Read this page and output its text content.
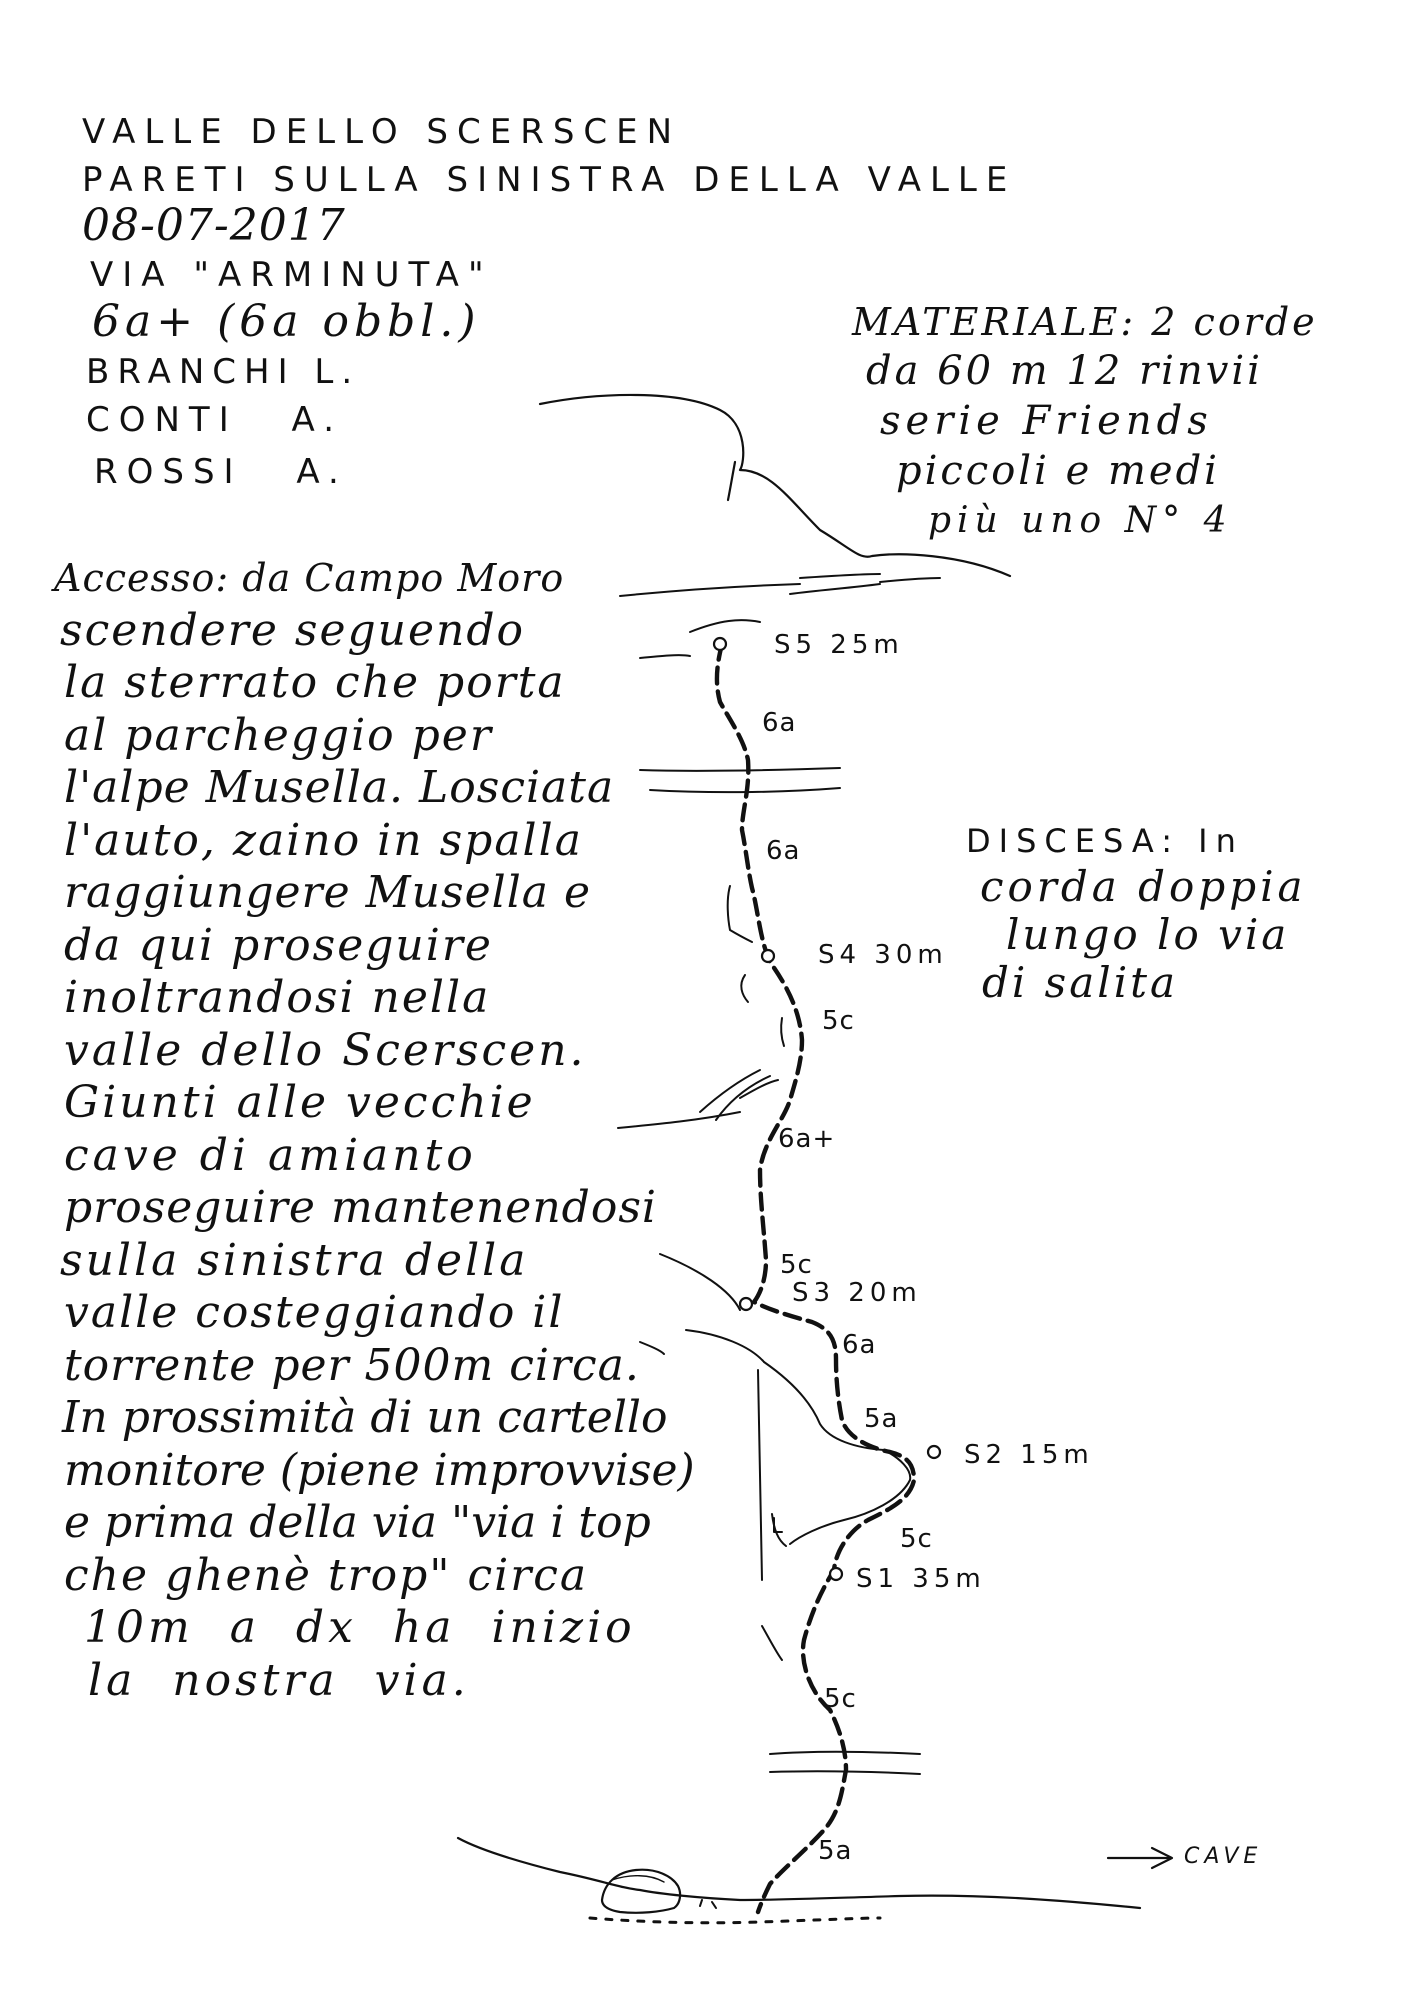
VALLE DELLO SCERSCEN
PARETI SULLA SINISTRA DELLA VALLE
08-07-2017
VIA "ARMINUTA"
6a+ (6a obbl.)
BRANCHI L.
CONTI A.
ROSSI A.
MATERIALE: 2 corde
da 60 m 12 rinvii
serie Friends
piccoli e medi
più uno N° 4
Accesso: da Campo Moro
scendere seguendo
la sterrato che porta
al parcheggio per
l'alpe Musella. Losciata
l'auto, zaino in spalla
raggiungere Musella e
da qui proseguire
inoltrandosi nella
valle dello Scerscen.
Giunti alle vecchie
cave di amianto
proseguire mantenendosi
sulla sinistra della
valle costeggiando il
torrente per 500m circa.
In prossimità di un cartello
monitore (piene improvvise)
e prima della via "via i top
che ghenè trop" circa
10m a dx ha inizio
la nostra via.
DISCESA: In
corda doppia
lungo lo via
di salita
S5 25m
S4 30m
S3 20m
S2 15m
S1 35m
6a
6a
5c
6a+
5c
6a
5a
5c
5c
5a	CAVE
